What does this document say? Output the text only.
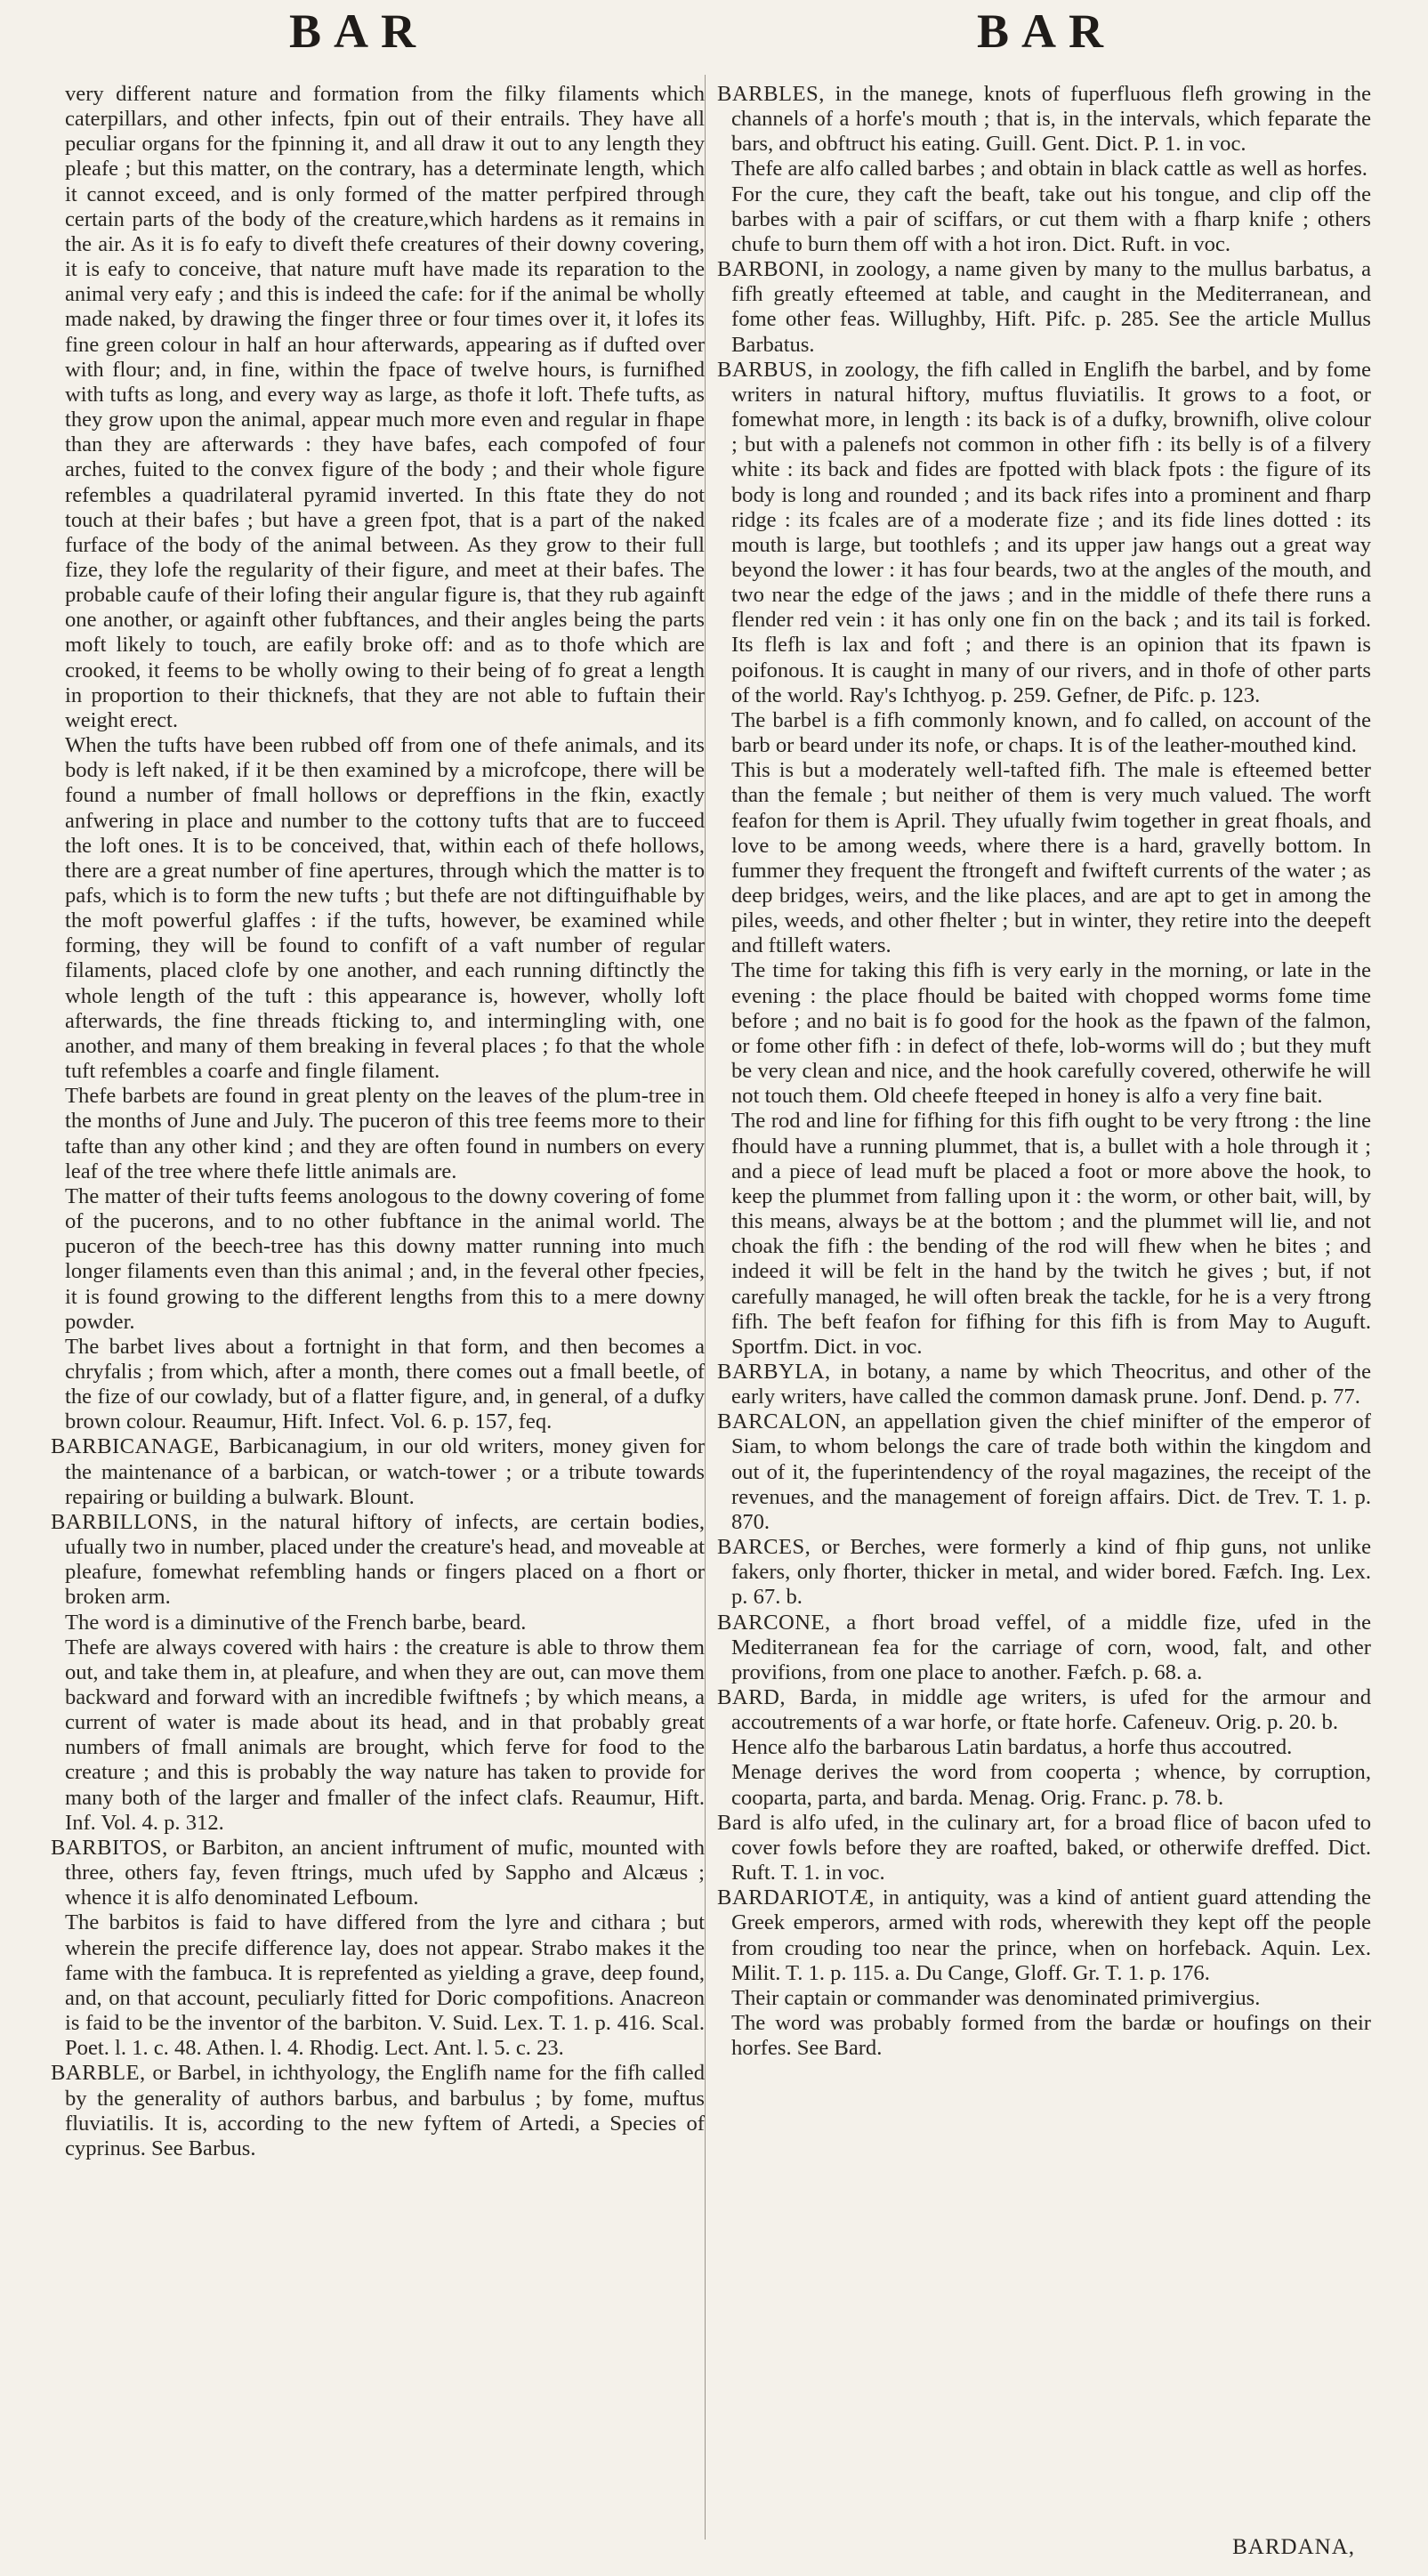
BAR	BAR

very different nature and formation from the filky filaments which caterpillars, and other infects, fpin out of their entrails. They have all peculiar organs for the fpinning it, and all draw it out to any length they pleafe ; but this matter, on the contrary, has a determinate length, which it cannot exceed, and is only formed of the matter perfpired through certain parts of the body of the creature,which hardens as it remains in the air. As it is fo eafy to diveft thefe creatures of their downy covering, it is eafy to conceive, that nature muft have made its reparation to the animal very eafy ; and this is indeed the cafe: for if the animal be wholly made naked, by drawing the finger three or four times over it, it lofes its fine green colour in half an hour afterwards, appearing as if dufted over with flour; and, in fine, within the fpace of twelve hours, is furnifhed with tufts as long, and every way as large, as thofe it loft. Thefe tufts, as they grow upon the animal, appear much more even and regular in fhape than they are afterwards : they have bafes, each compofed of four arches, fuited to the convex figure of the body ; and their whole figure refembles a quadrilateral pyramid inverted. In this ftate they do not touch at their bafes ; but have a green fpot, that is a part of the naked furface of the body of the animal between. As they grow to their full fize, they lofe the regularity of their figure, and meet at their bafes. The probable caufe of their lofing their angular figure is, that they rub againft one another, or againft other fubftances, and their angles being the parts moft likely to touch, are eafily broke off: and as to thofe which are crooked, it feems to be wholly owing to their being of fo great a length in proportion to their thicknefs, that they are not able to fuftain their weight erect.

When the tufts have been rubbed off from one of thefe animals, and its body is left naked, if it be then examined by a microfcope, there will be found a number of fmall hollows or depreffions in the fkin, exactly anfwering in place and number to the cottony tufts that are to fucceed the loft ones. It is to be conceived, that, within each of thefe hollows, there are a great number of fine apertures, through which the matter is to pafs, which is to form the new tufts ; but thefe are not diftinguifhable by the moft powerful glaffes : if the tufts, however, be examined while forming, they will be found to confift of a vaft number of regular filaments, placed clofe by one another, and each running diftinctly the whole length of the tuft : this appearance is, however, wholly loft afterwards, the fine threads fticking to, and intermingling with, one another, and many of them breaking in feveral places ; fo that the whole tuft refembles a coarfe and fingle filament.

Thefe barbets are found in great plenty on the leaves of the plum-tree in the months of June and July. The puceron of this tree feems more to their tafte than any other kind ; and they are often found in numbers on every leaf of the tree where thefe little animals are.

The matter of their tufts feems anologous to the downy covering of fome of the pucerons, and to no other fubftance in the animal world. The puceron of the beech-tree has this downy matter running into much longer filaments even than this animal ; and, in the feveral other fpecies, it is found growing to the different lengths from this to a mere downy powder.

The barbet lives about a fortnight in that form, and then becomes a chryfalis ; from which, after a month, there comes out a fmall beetle, of the fize of our cowlady, but of a flatter figure, and, in general, of a dufky brown colour. Reaumur, Hift. Infect. Vol. 6. p. 157, feq.

BARBICANAGE, Barbicanagium, in our old writers, money given for the maintenance of a barbican, or watch-tower ; or a tribute towards repairing or building a bulwark. Blount.

BARBILLONS, in the natural hiftory of infects, are certain bodies, ufually two in number, placed under the creature's head, and moveable at pleafure, fomewhat refembling hands or fingers placed on a fhort or broken arm.

The word is a diminutive of the French barbe, beard.

Thefe are always covered with hairs : the creature is able to throw them out, and take them in, at pleafure, and when they are out, can move them backward and forward with an incredible fwiftnefs ; by which means, a current of water is made about its head, and in that probably great numbers of fmall animals are brought, which ferve for food to the creature ; and this is probably the way nature has taken to provide for many both of the larger and fmaller of the infect clafs. Reaumur, Hift. Inf. Vol. 4. p. 312.

BARBITOS, or Barbiton, an ancient inftrument of mufic, mounted with three, others fay, feven ftrings, much ufed by Sappho and Alcæus ; whence it is alfo denominated Lefboum.

The barbitos is faid to have differed from the lyre and cithara ; but wherein the precife difference lay, does not appear. Strabo makes it the fame with the fambuca. It is reprefented as yielding a grave, deep found, and, on that account, peculiarly fitted for Doric compofitions. Anacreon is faid to be the inventor of the barbiton. V. Suid. Lex. T. 1. p. 416. Scal. Poet. l. 1. c. 48. Athen. l. 4. Rhodig. Lect. Ant. l. 5. c. 23.

BARBLE, or Barbel, in ichthyology, the Englifh name for the fifh called by the generality of authors barbus, and barbulus ; by fome, muftus fluviatilis. It is, according to the new fyftem of Artedi, a Species of cyprinus. See Barbus.

BARBLES, in the manege, knots of fuperfluous flefh growing in the channels of a horfe's mouth ; that is, in the intervals, which feparate the bars, and obftruct his eating. Guill. Gent. Dict. P. 1. in voc.

Thefe are alfo called barbes ; and obtain in black cattle as well as horfes.

For the cure, they caft the beaft, take out his tongue, and clip off the barbes with a pair of sciffars, or cut them with a fharp knife ; others chufe to burn them off with a hot iron. Dict. Ruft. in voc.

BARBONI, in zoology, a name given by many to the mullus barbatus, a fifh greatly efteemed at table, and caught in the Mediterranean, and fome other feas. Willughby, Hift. Pifc. p. 285. See the article Mullus Barbatus.

BARBUS, in zoology, the fifh called in Englifh the barbel, and by fome writers in natural hiftory, muftus fluviatilis. It grows to a foot, or fomewhat more, in length : its back is of a dufky, brownifh, olive colour ; but with a palenefs not common in other fifh : its belly is of a filvery white : its back and fides are fpotted with black fpots : the figure of its body is long and rounded ; and its back rifes into a prominent and fharp ridge : its fcales are of a moderate fize ; and its fide lines dotted : its mouth is large, but toothlefs ; and its upper jaw hangs out a great way beyond the lower : it has four beards, two at the angles of the mouth, and two near the edge of the jaws ; and in the middle of thefe there runs a flender red vein : it has only one fin on the back ; and its tail is forked. Its flefh is lax and foft ; and there is an opinion that its fpawn is poifonous. It is caught in many of our rivers, and in thofe of other parts of the world. Ray's Ichthyog. p. 259. Gefner, de Pifc. p. 123.

The barbel is a fifh commonly known, and fo called, on account of the barb or beard under its nofe, or chaps. It is of the leather-mouthed kind.

This is but a moderately well-tafted fifh. The male is efteemed better than the female ; but neither of them is very much valued. The worft feafon for them is April. They ufually fwim together in great fhoals, and love to be among weeds, where there is a hard, gravelly bottom. In fummer they frequent the ftrongeft and fwifteft currents of the water ; as deep bridges, weirs, and the like places, and are apt to get in among the piles, weeds, and other fhelter ; but in winter, they retire into the deepeft and ftilleft waters.

The time for taking this fifh is very early in the morning, or late in the evening : the place fhould be baited with chopped worms fome time before ; and no bait is fo good for the hook as the fpawn of the falmon, or fome other fifh : in defect of thefe, lob-worms will do ; but they muft be very clean and nice, and the hook carefully covered, otherwife he will not touch them. Old cheefe fteeped in honey is alfo a very fine bait.

The rod and line for fifhing for this fifh ought to be very ftrong : the line fhould have a running plummet, that is, a bullet with a hole through it ; and a piece of lead muft be placed a foot or more above the hook, to keep the plummet from falling upon it : the worm, or other bait, will, by this means, always be at the bottom ; and the plummet will lie, and not choak the fifh : the bending of the rod will fhew when he bites ; and indeed it will be felt in the hand by the twitch he gives ; but, if not carefully managed, he will often break the tackle, for he is a very ftrong fifh. The beft feafon for fifhing for this fifh is from May to Auguft. Sportfm. Dict. in voc.

BARBYLA, in botany, a name by which Theocritus, and other of the early writers, have called the common damask prune. Jonf. Dend. p. 77.

BARCALON, an appellation given the chief minifter of the emperor of Siam, to whom belongs the care of trade both within the kingdom and out of it, the fuperintendency of the royal magazines, the receipt of the revenues, and the management of foreign affairs. Dict. de Trev. T. 1. p. 870.

BARCES, or Berches, were formerly a kind of fhip guns, not unlike fakers, only fhorter, thicker in metal, and wider bored. Fæfch. Ing. Lex. p. 67. b.

BARCONE, a fhort broad veffel, of a middle fize, ufed in the Mediterranean fea for the carriage of corn, wood, falt, and other provifions, from one place to another. Fæfch. p. 68. a.

BARD, Barda, in middle age writers, is ufed for the armour and accoutrements of a war horfe, or ftate horfe. Cafeneuv. Orig. p. 20. b.

Hence alfo the barbarous Latin bardatus, a horfe thus accoutred.

Menage derives the word from cooperta ; whence, by corruption, cooparta, parta, and barda. Menag. Orig. Franc. p. 78. b.

Bard is alfo ufed, in the culinary art, for a broad flice of bacon ufed to cover fowls before they are roafted, baked, or otherwife dreffed. Dict. Ruft. T. 1. in voc.

BARDARIOTÆ, in antiquity, was a kind of antient guard attending the Greek emperors, armed with rods, wherewith they kept off the people from crouding too near the prince, when on horfeback. Aquin. Lex. Milit. T. 1. p. 115. a. Du Cange, Gloff. Gr. T. 1. p. 176.

Their captain or commander was denominated primivergius.

The word was probably formed from the bardæ or houfings on their horfes. See Bard.

BARDANA,
